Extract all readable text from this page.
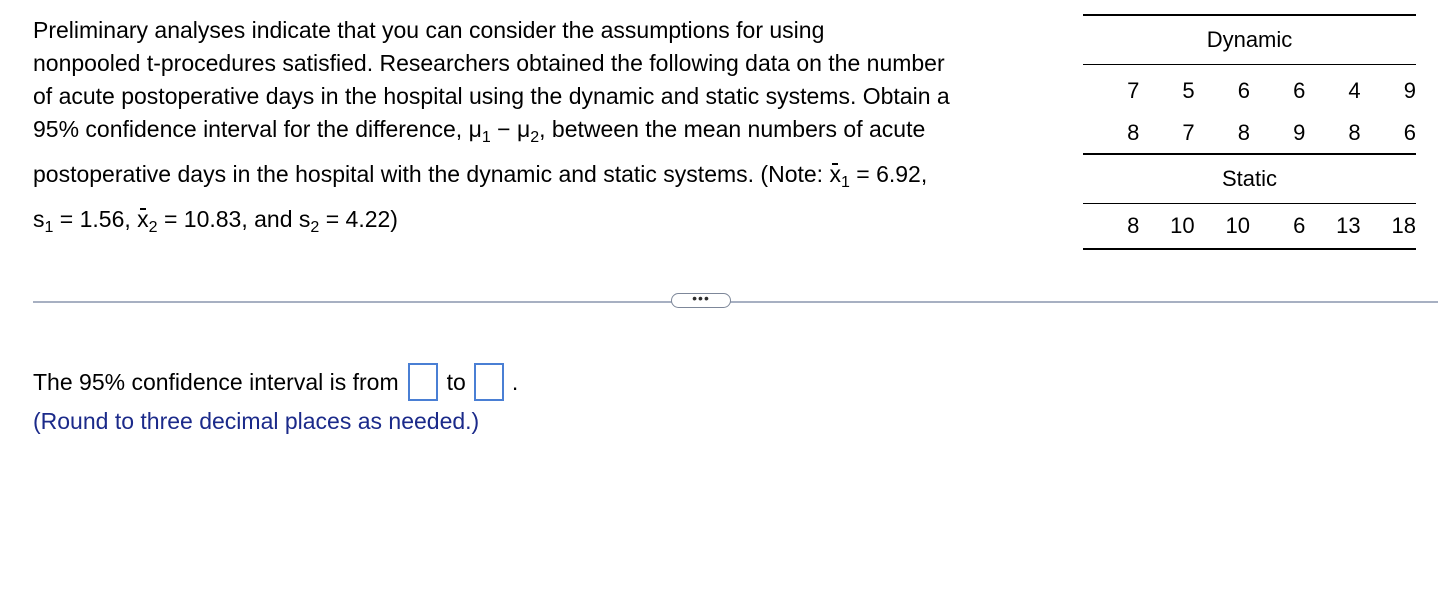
Preliminary analyses indicate that you can consider the assumptions for using
nonpooled t-procedures satisfied. Researchers obtained the following data on the number
of acute postoperative days in the hospital using the dynamic and static systems. Obtain a
95% confidence interval for the difference, $\mu_1 - \mu_2$, between the mean numbers of acute
postoperative days in the hospital with the dynamic and static systems. (Note: $x_1 = 6.92$,
$s_1 = 1.56$, $x_2 = 10.83$, and $s_2 = 4.22$)
Dynamic					
7	5	6	6	4	9
8	7	8	9	8	6
Static					
8	10	10	6	13	18
•••
The 95% confidence interval is from to .
(Round to three decimal places as needed.)
